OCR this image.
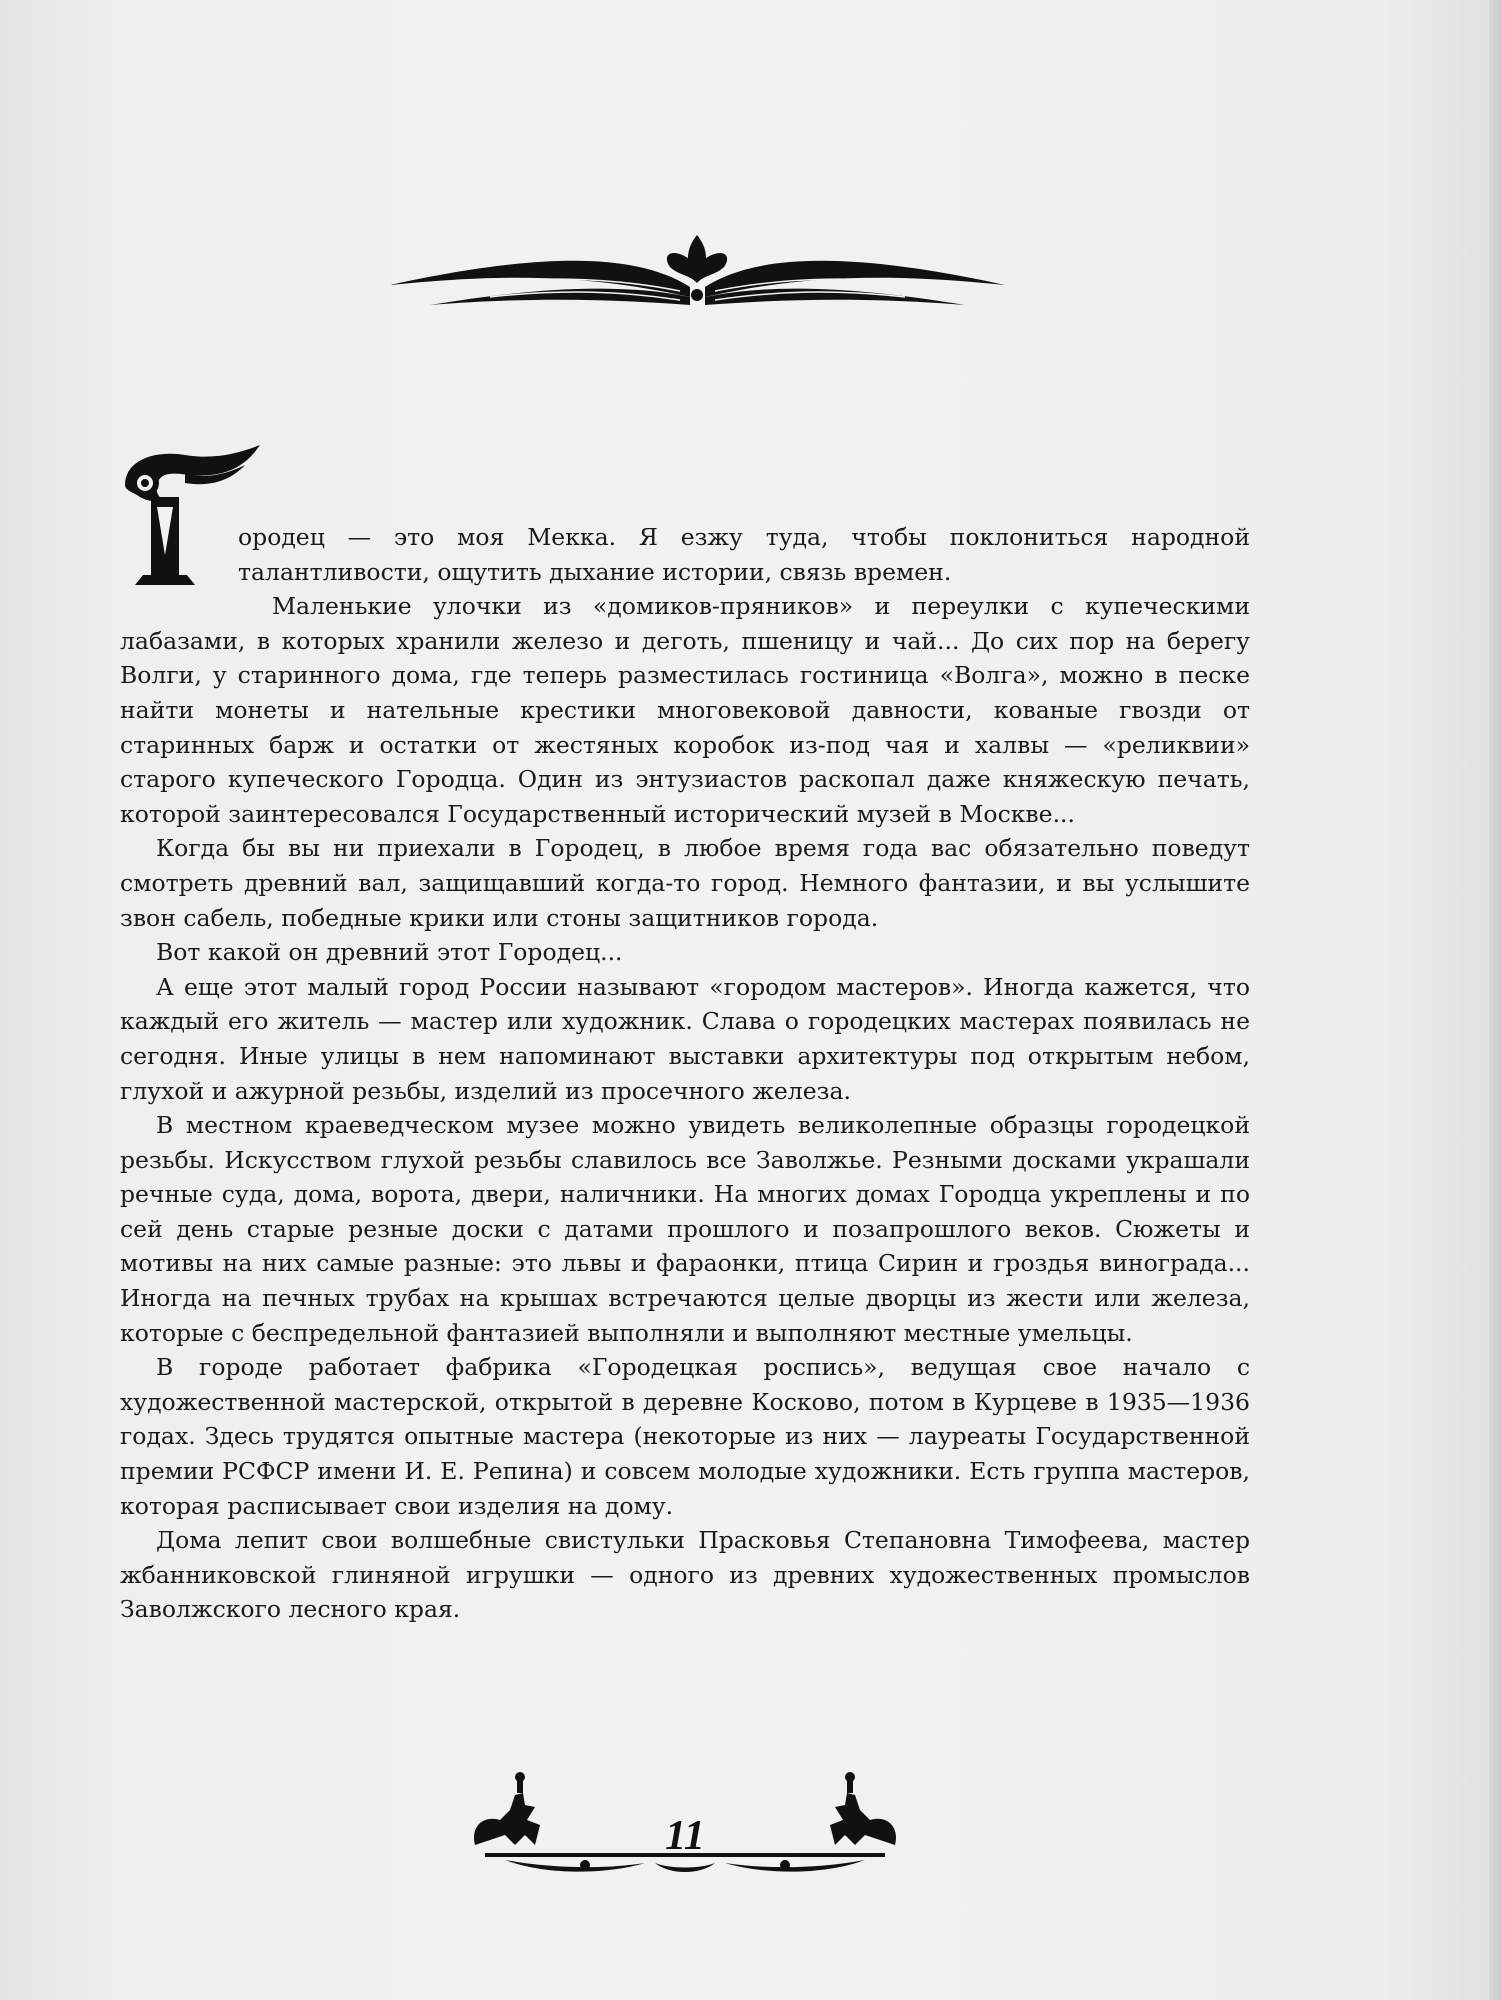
ородец — это моя Мекка. Я езжу туда, чтобы поклониться народной талантливости, ощутить дыхание истории, связь времен.

Маленькие улочки из «домиков-пряников» и переулки с купеческими лабазами, в которых хранили железо и деготь, пшеницу и чай... До сих пор на берегу Волги, у старинного дома, где теперь разместилась гостиница «Волга», можно в песке найти монеты и нательные крестики многовековой давности, кованые гвозди от старинных барж и остатки от жестяных коробок из-под чая и халвы — «реликвии» старого купеческого Городца. Один из энтузиастов раскопал даже княжескую печать, которой заинтересовался Государственный исторический музей в Москве...

Когда бы вы ни приехали в Городец, в любое время года вас обязательно поведут смотреть древний вал, защищавший когда-то город. Немного фантазии, и вы услышите звон сабель, победные крики или стоны защитников города.

Вот какой он древний этот Городец...

А еще этот малый город России называют «городом мастеров». Иногда кажется, что каждый его житель — мастер или художник. Слава о городецких мастерах появилась не сегодня. Иные улицы в нем напоминают выставки архитектуры под открытым небом, глухой и ажурной резьбы, изделий из просечного железа.

В местном краеведческом музее можно увидеть великолепные образцы городецкой резьбы. Искусством глухой резьбы славилось все Заволжье. Резными досками украшали речные суда, дома, ворота, двери, наличники. На многих домах Городца укреплены и по сей день старые резные доски с датами прошлого и позапрошлого веков. Сюжеты и мотивы на них самые разные: это львы и фараонки, птица Сирин и гроздья винограда... Иногда на печных трубах на крышах встречаются целые дворцы из жести или железа, которые с беспредельной фантазией выполняли и выполняют местные умельцы.

В городе работает фабрика «Городецкая роспись», ведущая свое начало с художественной мастерской, открытой в деревне Косково, потом в Курцеве в 1935—1936 годах. Здесь трудятся опытные мастера (некоторые из них — лауреаты Государственной премии РСФСР имени И. Е. Репина) и совсем молодые художники. Есть группа мастеров, которая расписывает свои изделия на дому.

Дома лепит свои волшебные свистульки Прасковья Степановна Тимофеева, мастер жбанниковской глиняной игрушки — одного из древних художественных промыслов Заволжского лесного края.

11
